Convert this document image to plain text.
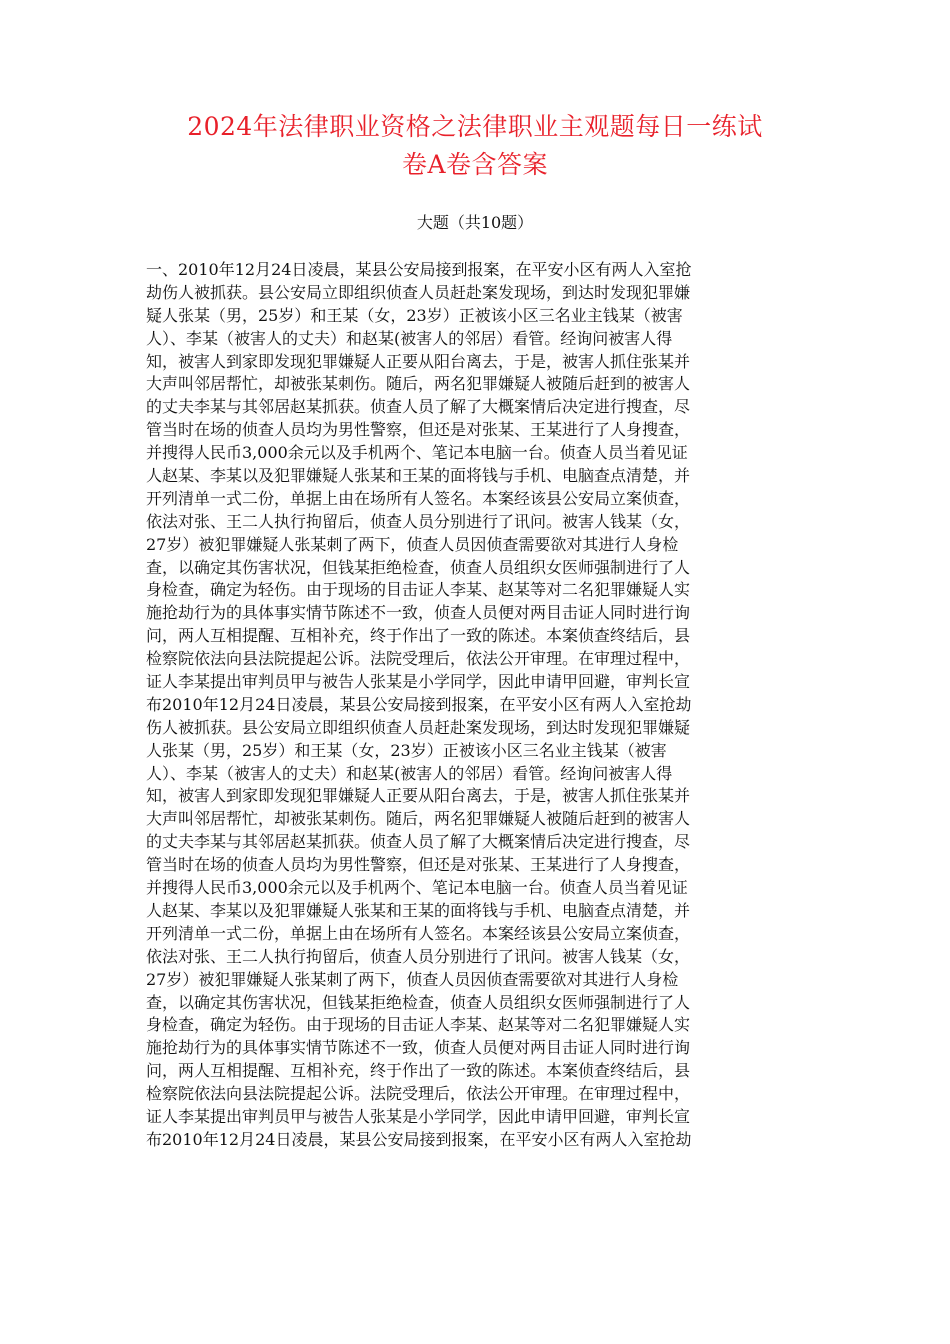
2024年法律职业资格之法律职业主观题每日一练试
卷A卷含答案
大题（共10题）
一、2010年12月24日凌晨，某县公安局接到报案，在平安小区有两人入室抢
劫伤人被抓获。县公安局立即组织侦查人员赶赴案发现场，到达时发现犯罪嫌
疑人张某（男，25岁）和王某（女，23岁）正被该小区三名业主钱某（被害
人）、李某（被害人的丈夫）和赵某(被害人的邻居）看管。经询问被害人得
知，被害人到家即发现犯罪嫌疑人正要从阳台离去，于是，被害人抓住张某并
大声叫邻居帮忙，却被张某刺伤。随后，两名犯罪嫌疑人被随后赶到的被害人
的丈夫李某与其邻居赵某抓获。侦查人员了解了大概案情后决定进行搜查，尽
管当时在场的侦查人员均为男性警察，但还是对张某、王某进行了人身搜查，
并搜得人民币3,000余元以及手机两个、笔记本电脑一台。侦查人员当着见证
人赵某、李某以及犯罪嫌疑人张某和王某的面将钱与手机、电脑查点清楚，并
开列清单一式二份，单据上由在场所有人签名。本案经该县公安局立案侦查，
依法对张、王二人执行拘留后，侦查人员分别进行了讯问。被害人钱某（女，
27岁）被犯罪嫌疑人张某刺了两下，侦查人员因侦查需要欲对其进行人身检
查，以确定其伤害状况，但钱某拒绝检查，侦查人员组织女医师强制进行了人
身检查，确定为轻伤。由于现场的目击证人李某、赵某等对二名犯罪嫌疑人实
施抢劫行为的具体事实情节陈述不一致，侦查人员便对两目击证人同时进行询
问，两人互相提醒、互相补充，终于作出了一致的陈述。本案侦查终结后，县
检察院依法向县法院提起公诉。法院受理后，依法公开审理。在审理过程中，
证人李某提出审判员甲与被告人张某是小学同学，因此申请甲回避，审判长宣
布2010年12月24日凌晨，某县公安局接到报案，在平安小区有两人入室抢劫
伤人被抓获。县公安局立即组织侦查人员赶赴案发现场，到达时发现犯罪嫌疑
人张某（男，25岁）和王某（女，23岁）正被该小区三名业主钱某（被害
人）、李某（被害人的丈夫）和赵某(被害人的邻居）看管。经询问被害人得
知，被害人到家即发现犯罪嫌疑人正要从阳台离去，于是，被害人抓住张某并
大声叫邻居帮忙，却被张某刺伤。随后，两名犯罪嫌疑人被随后赶到的被害人
的丈夫李某与其邻居赵某抓获。侦查人员了解了大概案情后决定进行搜查，尽
管当时在场的侦查人员均为男性警察，但还是对张某、王某进行了人身搜查，
并搜得人民币3,000余元以及手机两个、笔记本电脑一台。侦查人员当着见证
人赵某、李某以及犯罪嫌疑人张某和王某的面将钱与手机、电脑查点清楚，并
开列清单一式二份，单据上由在场所有人签名。本案经该县公安局立案侦查，
依法对张、王二人执行拘留后，侦查人员分别进行了讯问。被害人钱某（女，
27岁）被犯罪嫌疑人张某刺了两下，侦查人员因侦查需要欲对其进行人身检
查，以确定其伤害状况，但钱某拒绝检查，侦查人员组织女医师强制进行了人
身检查，确定为轻伤。由于现场的目击证人李某、赵某等对二名犯罪嫌疑人实
施抢劫行为的具体事实情节陈述不一致，侦查人员便对两目击证人同时进行询
问，两人互相提醒、互相补充，终于作出了一致的陈述。本案侦查终结后，县
检察院依法向县法院提起公诉。法院受理后，依法公开审理。在审理过程中，
证人李某提出审判员甲与被告人张某是小学同学，因此申请甲回避，审判长宣
布2010年12月24日凌晨，某县公安局接到报案，在平安小区有两人入室抢劫
